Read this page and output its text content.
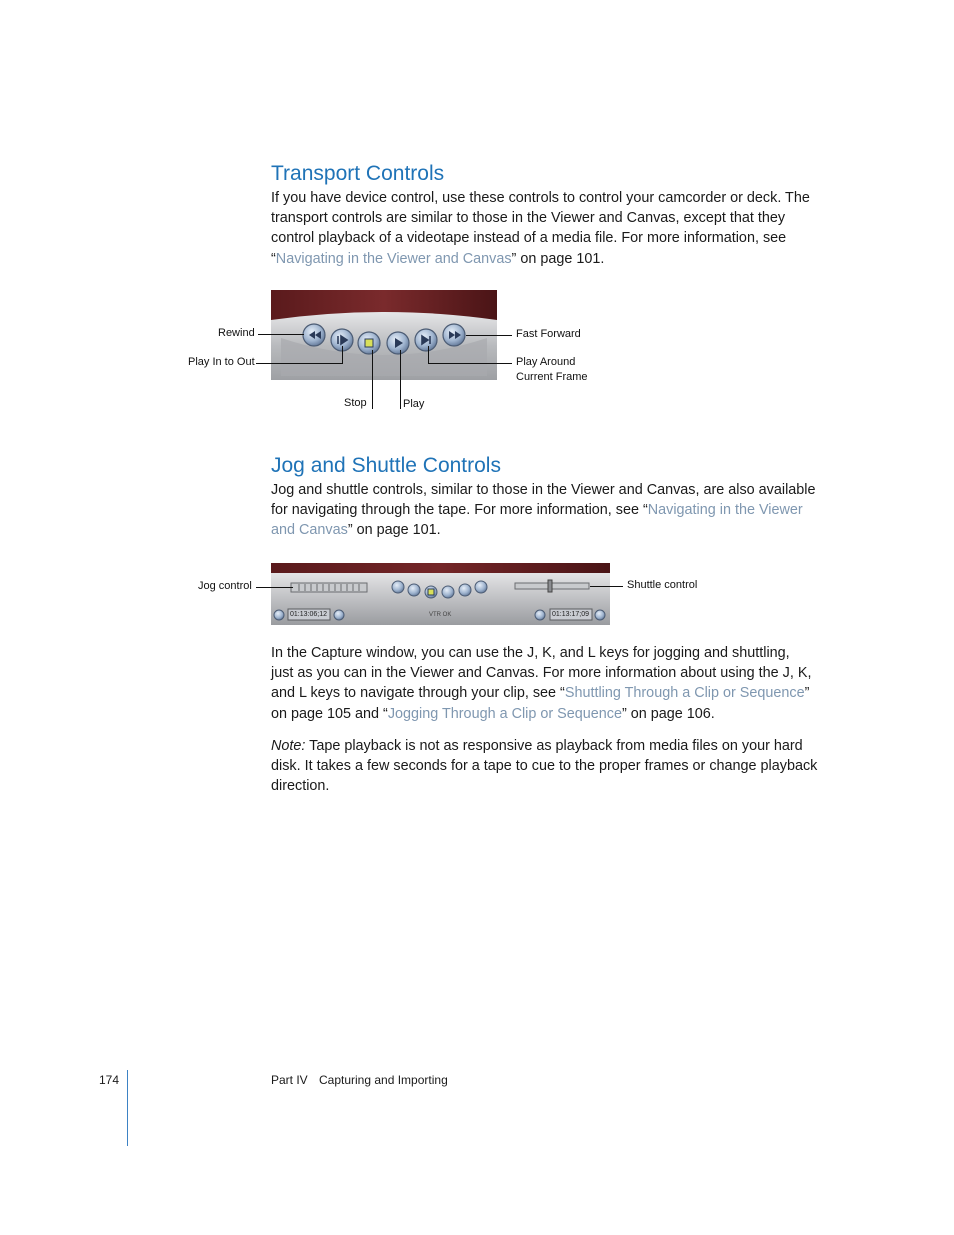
Transport Controls

If you have device control, use these controls to control your camcorder or deck. The transport controls are similar to those in the Viewer and Canvas, except that they control playback of a videotape instead of a media file. For more information, see “Navigating in the Viewer and Canvas” on page 101.

Rewind
Play In to Out
Stop	Play
Fast Forward
Play Around
Current Frame
Jog and Shuttle Controls

Jog and shuttle controls, similar to those in the Viewer and Canvas, are also available for navigating through the tape. For more information, see “Navigating in the Viewer and Canvas” on page 101.

01:13:06;12	01:13:17;09
VTR OK
Jog control	Shuttle control

In the Capture window, you can use the J, K, and L keys for jogging and shuttling, just as you can in the Viewer and Canvas. For more information about using the J, K, and L keys to navigate through your clip, see “Shuttling Through a Clip or Sequence” on page 105 and “Jogging Through a Clip or Sequence” on page 106.

Note: Tape playback is not as responsive as playback from media files on your hard disk. It takes a few seconds for a tape to cue to the proper frames or change playback direction.

174	Part IV Capturing and Importing
